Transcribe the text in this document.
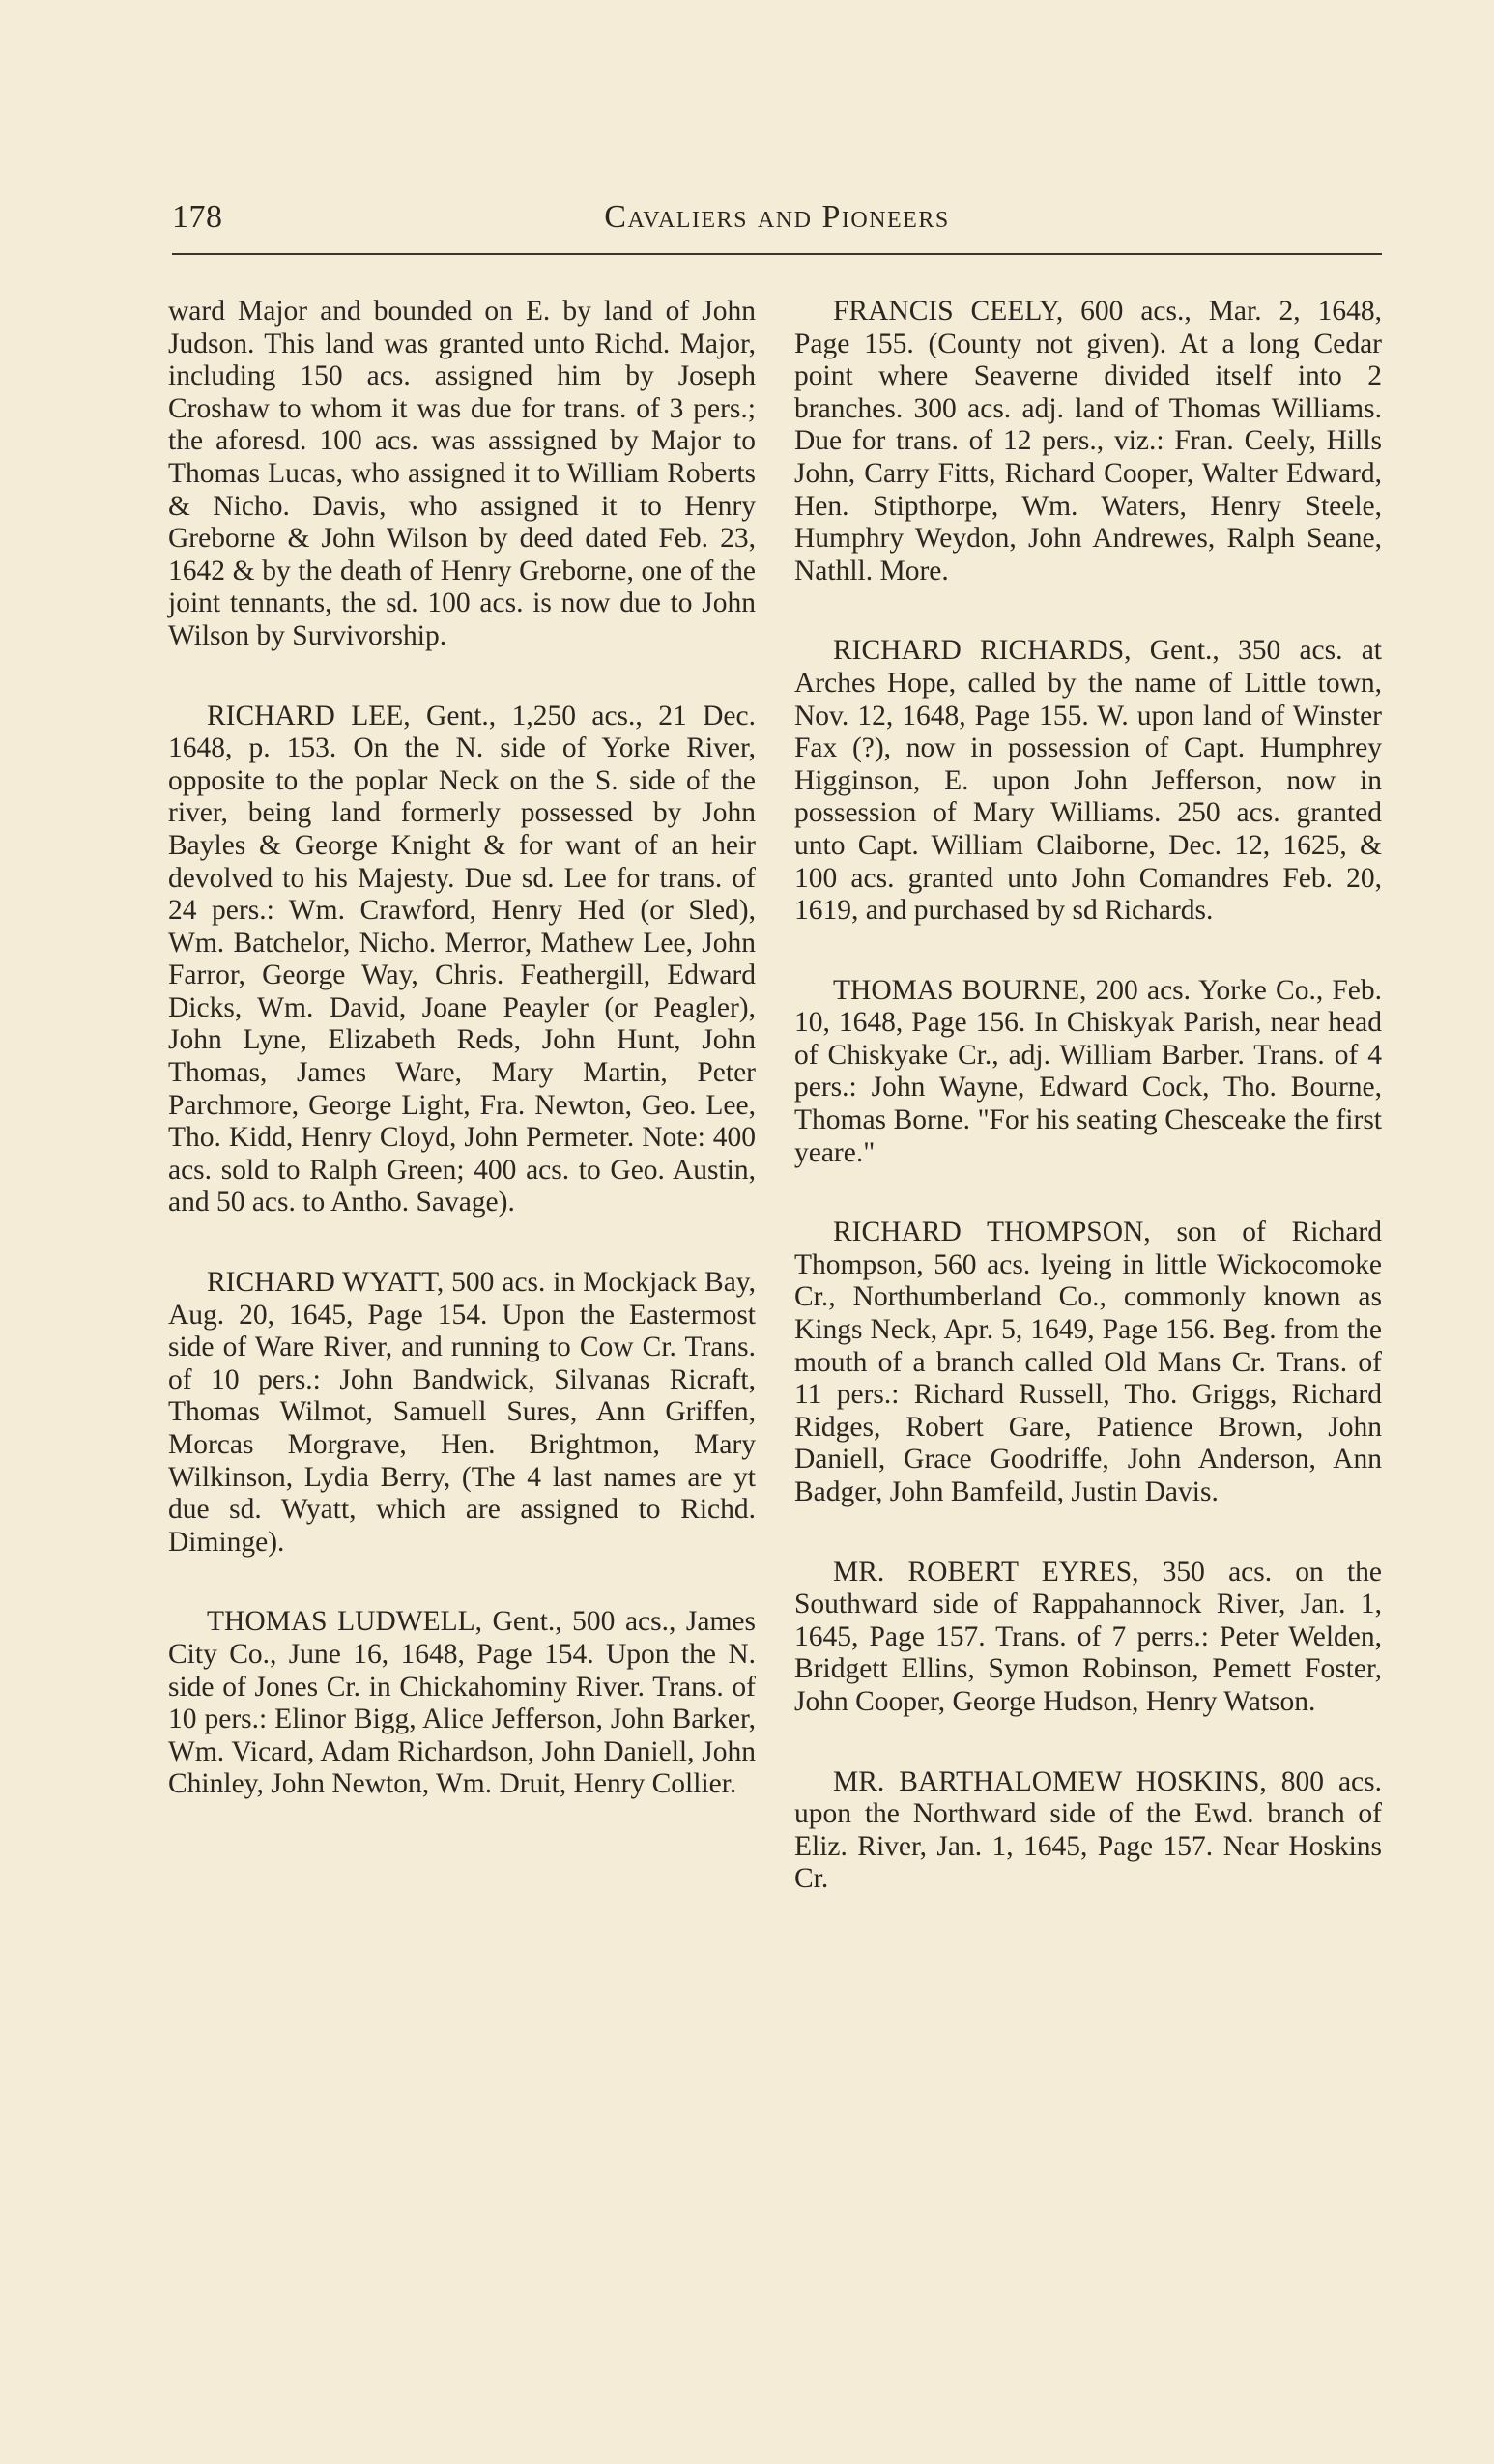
178	Cavaliers and Pioneers

ward Major and bounded on E. by land of John Judson. This land was granted unto Richd. Major, including 150 acs. assigned him by Joseph Croshaw to whom it was due for trans. of 3 pers.; the aforesd. 100 acs. was asssigned by Major to Thomas Lucas, who assigned it to William Roberts & Nicho. Davis, who assigned it to Henry Greborne & John Wilson by deed dated Feb. 23, 1642 & by the death of Henry Greborne, one of the joint tennants, the sd. 100 acs. is now due to John Wilson by Survivorship.

RICHARD LEE, Gent., 1,250 acs., 21 Dec. 1648, p. 153. On the N. side of Yorke River, opposite to the poplar Neck on the S. side of the river, being land formerly possessed by John Bayles & George Knight & for want of an heir devolved to his Majesty. Due sd. Lee for trans. of 24 pers.: Wm. Crawford, Henry Hed (or Sled), Wm. Batchelor, Nicho. Merror, Mathew Lee, John Farror, George Way, Chris. Feathergill, Edward Dicks, Wm. David, Joane Peayler (or Peagler), John Lyne, Elizabeth Reds, John Hunt, John Thomas, James Ware, Mary Martin, Peter Parchmore, George Light, Fra. Newton, Geo. Lee, Tho. Kidd, Henry Cloyd, John Permeter. Note: 400 acs. sold to Ralph Green; 400 acs. to Geo. Austin, and 50 acs. to Antho. Savage).

RICHARD WYATT, 500 acs. in Mockjack Bay, Aug. 20, 1645, Page 154. Upon the Eastermost side of Ware River, and running to Cow Cr. Trans. of 10 pers.: John Bandwick, Silvanas Ricraft, Thomas Wilmot, Samuell Sures, Ann Griffen, Morcas Morgrave, Hen. Brightmon, Mary Wilkinson, Lydia Berry, (The 4 last names are yt due sd. Wyatt, which are assigned to Richd. Diminge).

THOMAS LUDWELL, Gent., 500 acs., James City Co., June 16, 1648, Page 154. Upon the N. side of Jones Cr. in Chickahominy River. Trans. of 10 pers.: Elinor Bigg, Alice Jefferson, John Barker, Wm. Vicard, Adam Richardson, John Daniell, John Chinley, John Newton, Wm. Druit, Henry Collier.

FRANCIS CEELY, 600 acs., Mar. 2, 1648, Page 155. (County not given). At a long Cedar point where Seaverne divided itself into 2 branches. 300 acs. adj. land of Thomas Williams. Due for trans. of 12 pers., viz.: Fran. Ceely, Hills John, Carry Fitts, Richard Cooper, Walter Edward, Hen. Stipthorpe, Wm. Waters, Henry Steele, Humphry Weydon, John Andrewes, Ralph Seane, Nathll. More.

RICHARD RICHARDS, Gent., 350 acs. at Arches Hope, called by the name of Little town, Nov. 12, 1648, Page 155. W. upon land of Winster Fax (?), now in possession of Capt. Humphrey Higginson, E. upon John Jefferson, now in possession of Mary Williams. 250 acs. granted unto Capt. William Claiborne, Dec. 12, 1625, & 100 acs. granted unto John Comandres Feb. 20, 1619, and purchased by sd Richards.

THOMAS BOURNE, 200 acs. Yorke Co., Feb. 10, 1648, Page 156. In Chiskyak Parish, near head of Chiskyake Cr., adj. William Barber. Trans. of 4 pers.: John Wayne, Edward Cock, Tho. Bourne, Thomas Borne. "For his seating Chesceake the first yeare."

RICHARD THOMPSON, son of Richard Thompson, 560 acs. lyeing in little Wickocomoke Cr., Northumberland Co., commonly known as Kings Neck, Apr. 5, 1649, Page 156. Beg. from the mouth of a branch called Old Mans Cr. Trans. of 11 pers.: Richard Russell, Tho. Griggs, Richard Ridges, Robert Gare, Patience Brown, John Daniell, Grace Goodriffe, John Anderson, Ann Badger, John Bamfeild, Justin Davis.

MR. ROBERT EYRES, 350 acs. on the Southward side of Rappahannock River, Jan. 1, 1645, Page 157. Trans. of 7 perrs.: Peter Welden, Bridgett Ellins, Symon Robinson, Pemett Foster, John Cooper, George Hudson, Henry Watson.

MR. BARTHALOMEW HOSKINS, 800 acs. upon the Northward side of the Ewd. branch of Eliz. River, Jan. 1, 1645, Page 157. Near Hoskins Cr.
